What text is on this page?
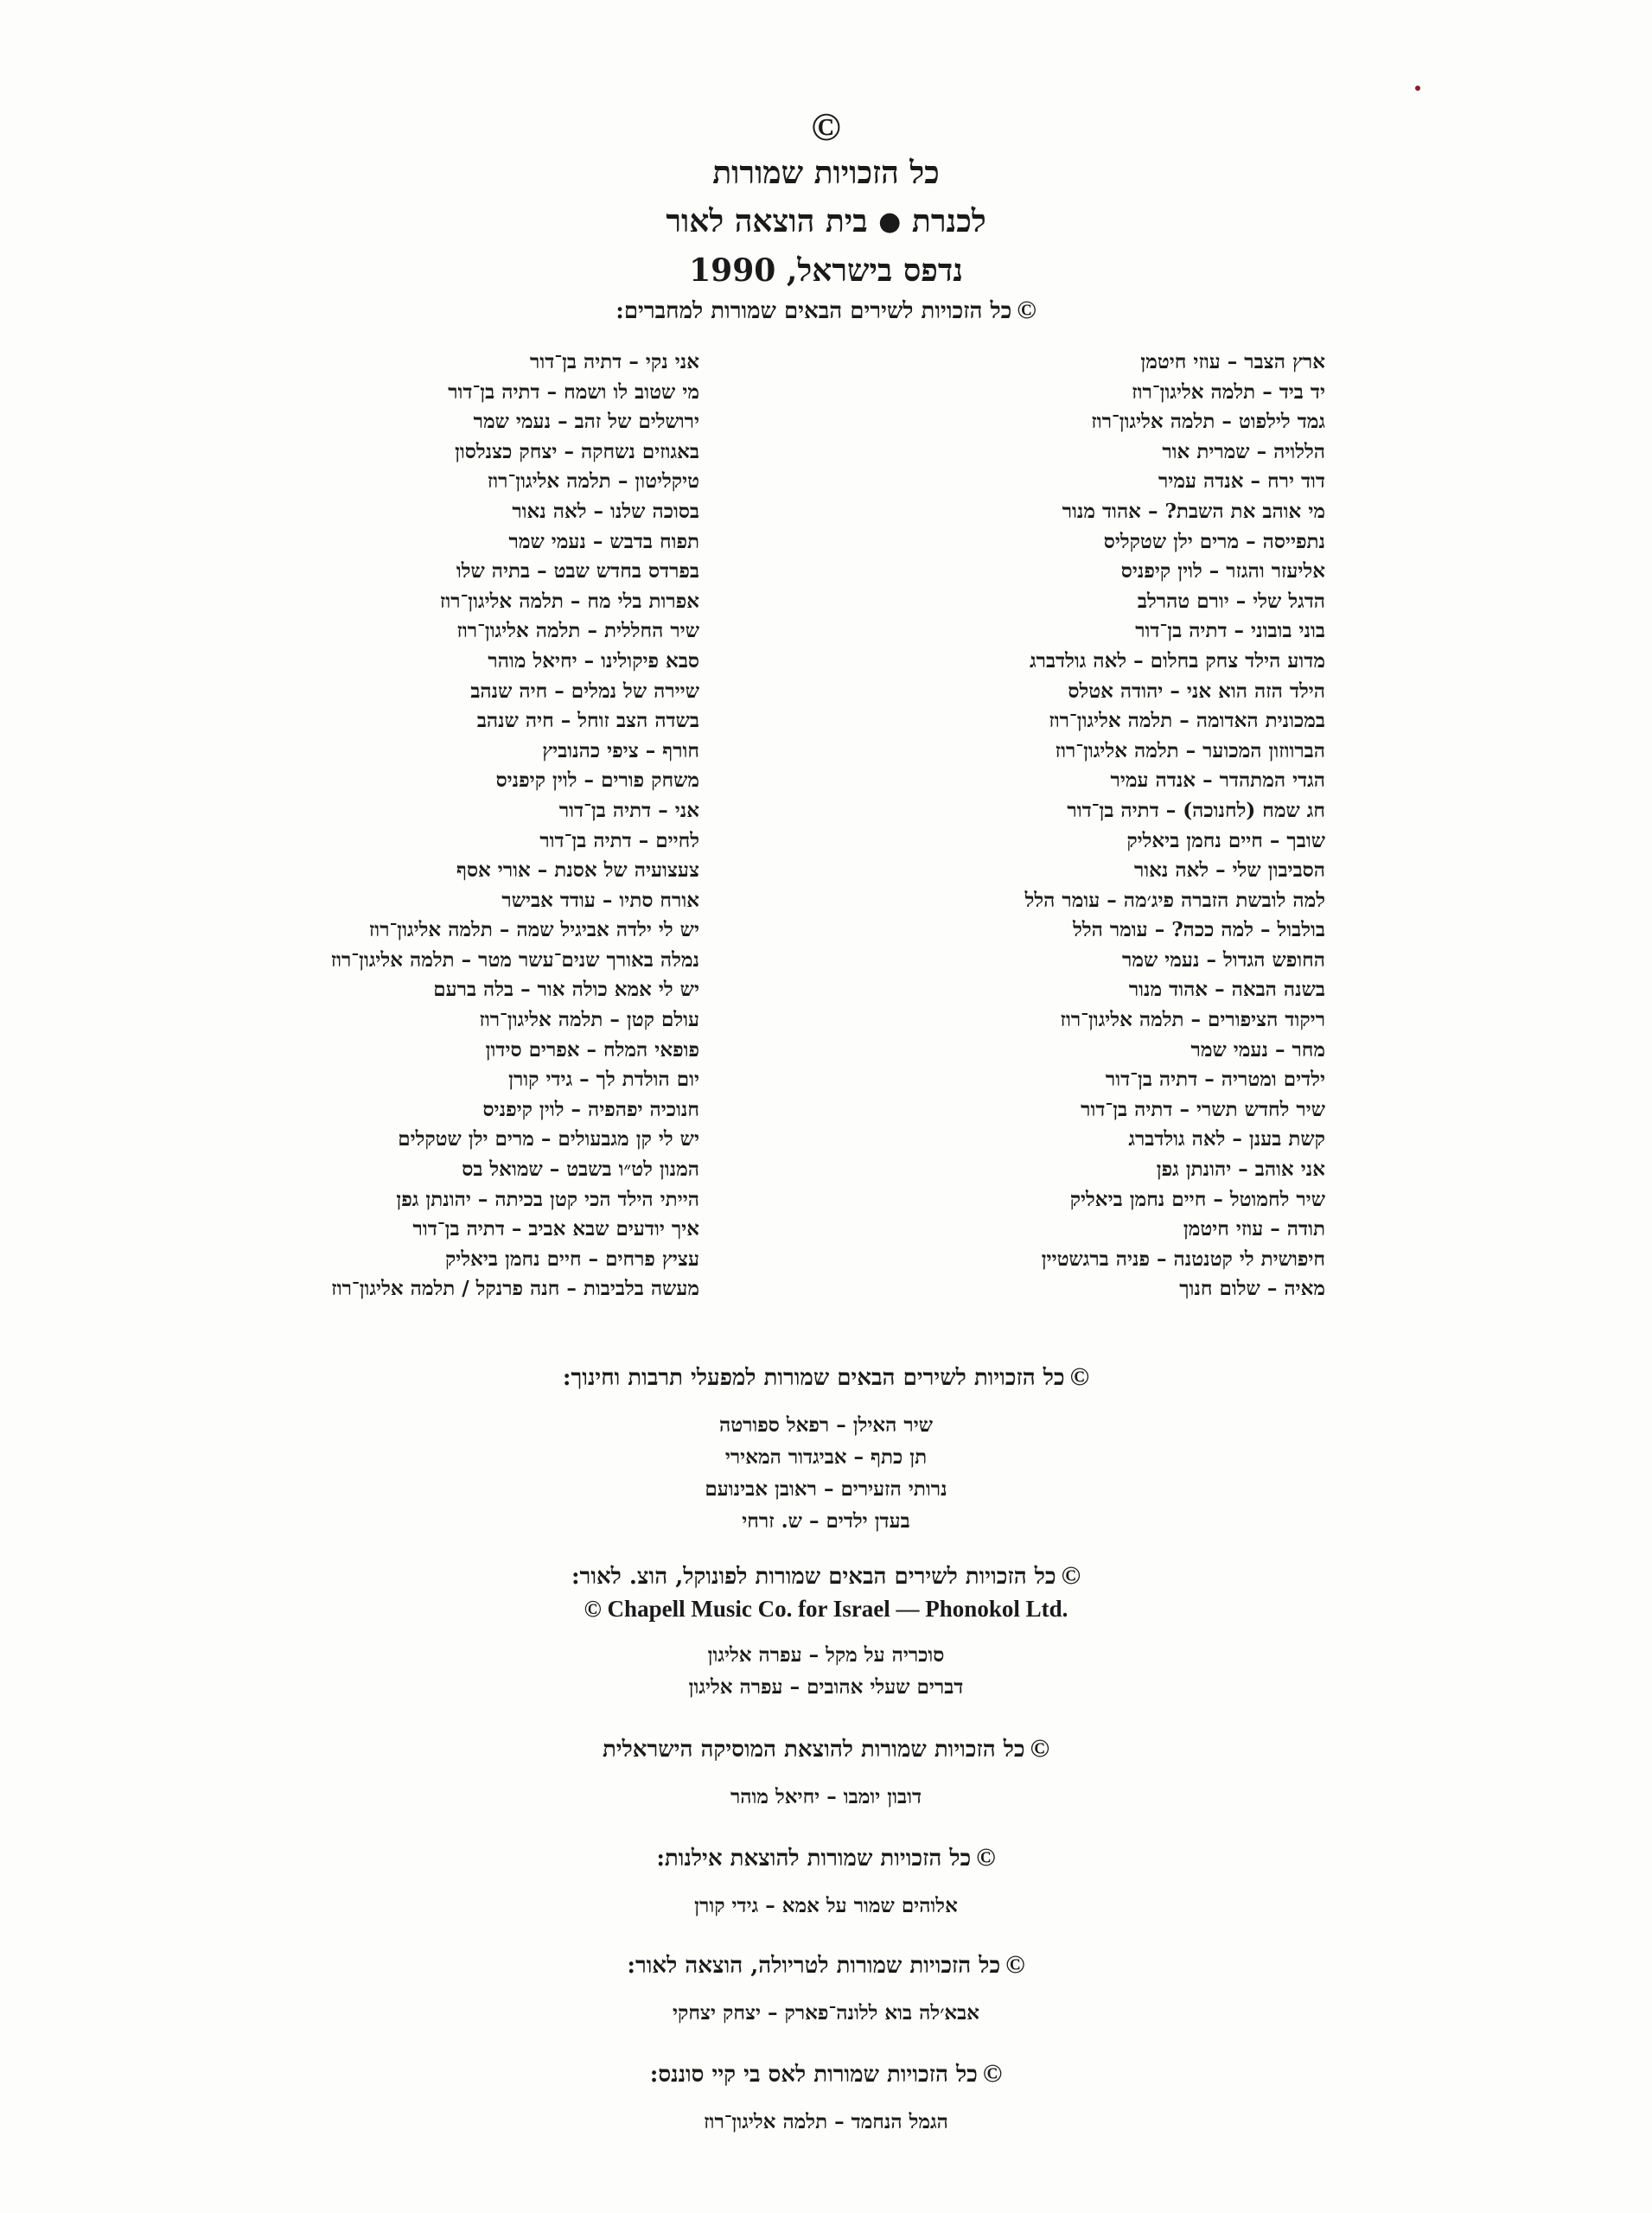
©
כל הזכויות שמורות
לכנרת ● בית הוצאה לאור
נדפס בישראל, 1990
©כל הזכויות לשירים הבאים שמורות למחברים:
ארץ הצבר – עוזי חיטמן
יד ביד – תלמה אליגון־רוז
גמד לילפוט – תלמה אליגון־רוז
הללויה – שמרית אור
דוד ירח – אנדה עמיר
מי אוהב את השבת? – אהוד מנור
נתפייסה – מרים ילן שטקליס
אליעזר והגזר – לוין קיפניס
הדגל שלי – יורם טהרלב
בוני בובוני – דתיה בן־דור
מדוע הילד צחק בחלום – לאה גולדברג
הילד הזה הוא אני – יהודה אטלס
במכונית האדומה – תלמה אליגון־רוז
הברווזון המכוער – תלמה אליגון־רוז
הגדי המתהדר – אנדה עמיר
חג שמח (לחנוכה) – דתיה בן־דור
שובך – חיים נחמן ביאליק
הסביבון שלי – לאה נאור
למה לובשת הזברה פיג׳מה – עומר הלל
בולבול – למה ככה? – עומר הלל
החופש הגדול – נעמי שמר
בשנה הבאה – אהוד מנור
ריקוד הציפורים – תלמה אליגון־רוז
מחר – נעמי שמר
ילדים ומטריה – דתיה בן־דור
שיר לחדש תשרי – דתיה בן־דור
קשת בענן – לאה גולדברג
אני אוהב – יהונתן גפן
שיר לחמוטל – חיים נחמן ביאליק
תודה – עוזי חיטמן
חיפושית לי קטנטנה – פניה ברגשטיין
מאיה – שלום חנוך
אני נקי – דתיה בן־דור
מי שטוב לו ושמח – דתיה בן־דור
ירושלים של זהב – נעמי שמר
באגוזים נשחקה – יצחק כצנלסון
טיקליטון – תלמה אליגון־רוז
בסוכה שלנו – לאה נאור
תפוח בדבש – נעמי שמר
בפרדס בחדש שבט – בתיה שלו
אפרות בלי מח – תלמה אליגון־רוז
שיר החללית – תלמה אליגון־רוז
סבא פיקולינו – יחיאל מוהר
שיירה של נמלים – חיה שנהב
בשדה הצב זוחל – חיה שנהב
חורף – ציפי כהנוביץ
משחק פורים – לוין קיפניס
אני – דתיה בן־דור
לחיים – דתיה בן־דור
צעצועיה של אסנת – אורי אסף
אורח סתיו – עודד אבישר
יש לי ילדה אביגיל שמה – תלמה אליגון־רוז
נמלה באורך שנים־עשר מטר – תלמה אליגון־רוז
יש לי אמא כולה אור – בלה ברעם
עולם קטן – תלמה אליגון־רוז
פופאי המלח – אפרים סידון
יום הולדת לך – גידי קורן
חנוכיה יפהפיה – לוין קיפניס
יש לי קן מגבעולים – מרים ילן שטקלים
המנון לט״ו בשבט – שמואל בס
הייתי הילד הכי קטן בכיתה – יהונתן גפן
איך יודעים שבא אביב – דתיה בן־דור
עציץ פרחים – חיים נחמן ביאליק
מעשה בלביבות – חנה פרנקל / תלמה אליגון־רוז
©כל הזכויות לשירים הבאים שמורות למפעלי תרבות וחינוך:
שיר האילן – רפאל ספורטה
תן כתף – אביגדור המאירי
נרותי הזעירים – ראובן אבינועם
בעדן ילדים – ש. זרחי
©כל הזכויות לשירים הבאים שמורות לפונוקל, הוצ. לאור:
© Chapell Music Co. for Israel — Phonokol Ltd.
סוכריה על מקל – עפרה אליגון
דברים שעלי אהובים – עפרה אליגון
©כל הזכויות שמורות להוצאת המוסיקה הישראלית
דובון יומבו – יחיאל מוהר
©כל הזכויות שמורות להוצאת אילנות:
אלוהים שמור על אמא – גידי קורן
©כל הזכויות שמורות לטריולה, הוצאה לאור:
אבא׳לה בוא ללונה־פארק – יצחק יצחקי
©כל הזכויות שמורות לאס בי קיי סוננס:
הגמל הנחמד – תלמה אליגון־רוז
